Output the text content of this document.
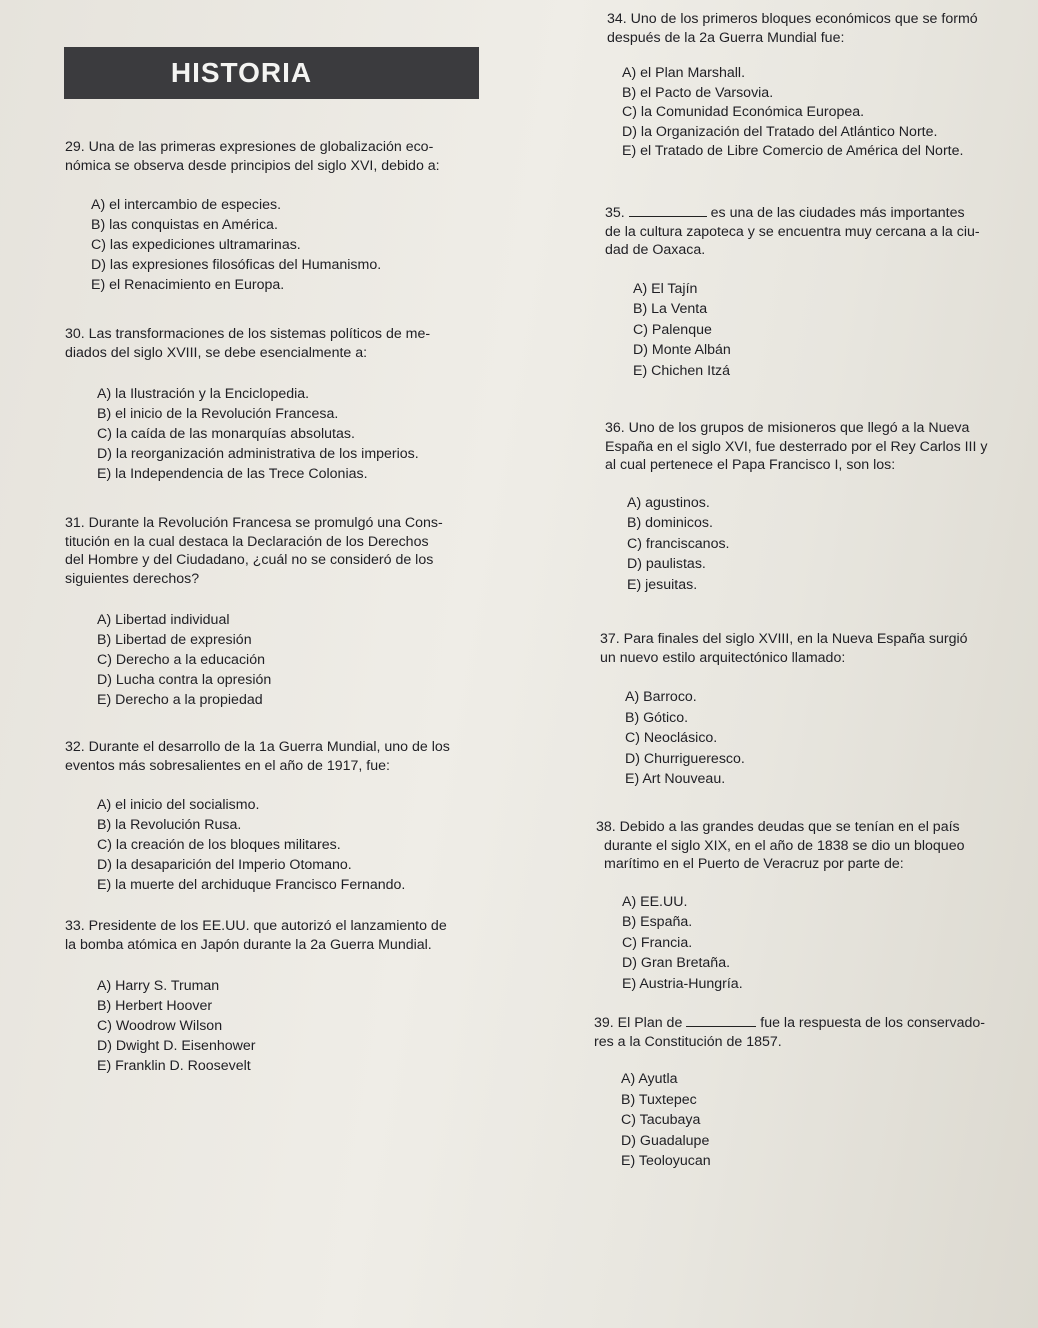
HISTORIA

34. Uno de los primeros bloques económicos que se formó

después de la 2a Guerra Mundial fue:

A) el Plan Marshall.
B) el Pacto de Varsovia.
C) la Comunidad Económica Europea.
D) la Organización del Tratado del Atlántico Norte.
E) el Tratado de Libre Comercio de América del Norte.

29. Una de las primeras expresiones de globalización eco-

nómica se observa desde principios del siglo XVI, debido a:

A) el intercambio de especies.
B) las conquistas en América.
C) las expediciones ultramarinas.
D) las expresiones filosóficas del Humanismo.
E) el Renacimiento en Europa.

35.	es una de las ciudades más importantes

de la cultura zapoteca y se encuentra muy cercana a la ciu-

dad de Oaxaca.

A) El Tajín
B) La Venta
C) Palenque
D) Monte Albán
E) Chichen Itzá

30. Las transformaciones de los sistemas políticos de me-

diados del siglo XVIII, se debe esencialmente a:

A) la Ilustración y la Enciclopedia.
B) el inicio de la Revolución Francesa.
C) la caída de las monarquías absolutas.
D) la reorganización administrativa de los imperios.
E) la Independencia de las Trece Colonias.

36. Uno de los grupos de misioneros que llegó a la Nueva

España en el siglo XVI, fue desterrado por el Rey Carlos III y

al cual pertenece el Papa Francisco I, son los:

A) agustinos.
B) dominicos.
C) franciscanos.
D) paulistas.
E) jesuitas.

31. Durante la Revolución Francesa se promulgó una Cons-

titución en la cual destaca la Declaración de los Derechos

del Hombre y del Ciudadano, ¿cuál no se consideró de los

siguientes derechos?

A) Libertad individual
B) Libertad de expresión
C) Derecho a la educación
D) Lucha contra la opresión
E) Derecho a la propiedad

37. Para finales del siglo XVIII, en la Nueva España surgió

un nuevo estilo arquitectónico llamado:

A) Barroco.
B) Gótico.
C) Neoclásico.
D) Churrigueresco.
E) Art Nouveau.

32. Durante el desarrollo de la 1a Guerra Mundial, uno de los

eventos más sobresalientes en el año de 1917, fue:

A) el inicio del socialismo.
B) la Revolución Rusa.
C) la creación de los bloques militares.
D) la desaparición del Imperio Otomano.
E) la muerte del archiduque Francisco Fernando.

38. Debido a las grandes deudas que se tenían en el país

durante el siglo XIX, en el año de 1838 se dio un bloqueo

marítimo en el Puerto de Veracruz por parte de:

A) EE.UU.
B) España.
C) Francia.
D) Gran Bretaña.
E) Austria-Hungría.

33. Presidente de los EE.UU. que autorizó el lanzamiento de

la bomba atómica en Japón durante la 2a Guerra Mundial.

A) Harry S. Truman
B) Herbert Hoover
C) Woodrow Wilson
D) Dwight D. Eisenhower
E) Franklin D. Roosevelt

39. El Plan de	fue la respuesta de los conservado-

res a la Constitución de 1857.

A) Ayutla
B) Tuxtepec
C) Tacubaya
D) Guadalupe
E) Teoloyucan
